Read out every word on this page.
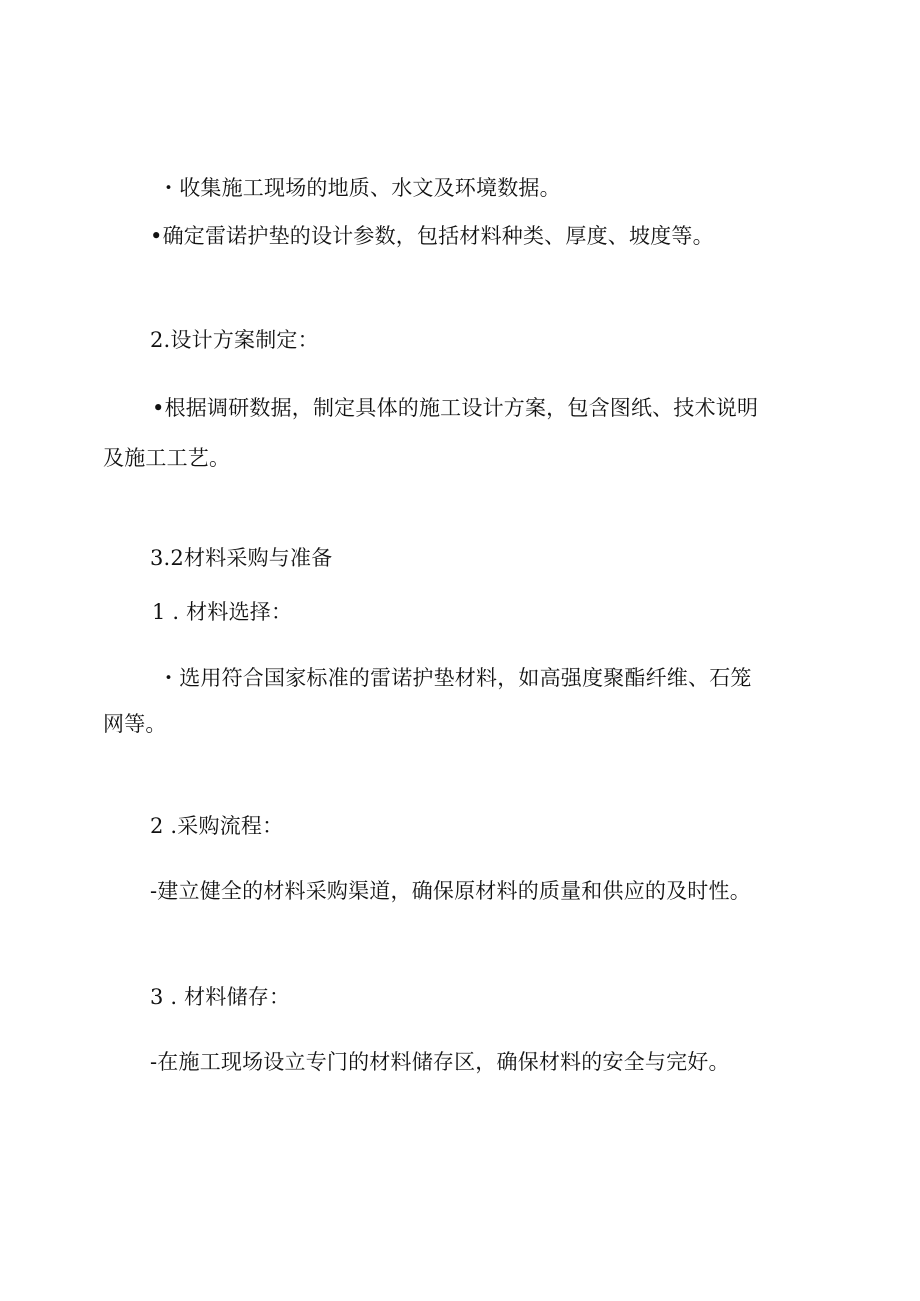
・收集施工现场的地质、水文及环境数据。
•确定雷诺护垫的设计参数，包括材料种类、厚度、坡度等。
2.设计方案制定：
•根据调研数据，制定具体的施工设计方案，包含图纸、技术说明
及施工工艺。
3.2材料采购与准备
1 . 材料选择：
・选用符合国家标准的雷诺护垫材料，如高强度聚酯纤维、石笼
网等。
2 .采购流程：
-建立健全的材料采购渠道，确保原材料的质量和供应的及时性。
3 . 材料储存：
-在施工现场设立专门的材料储存区，确保材料的安全与完好。
